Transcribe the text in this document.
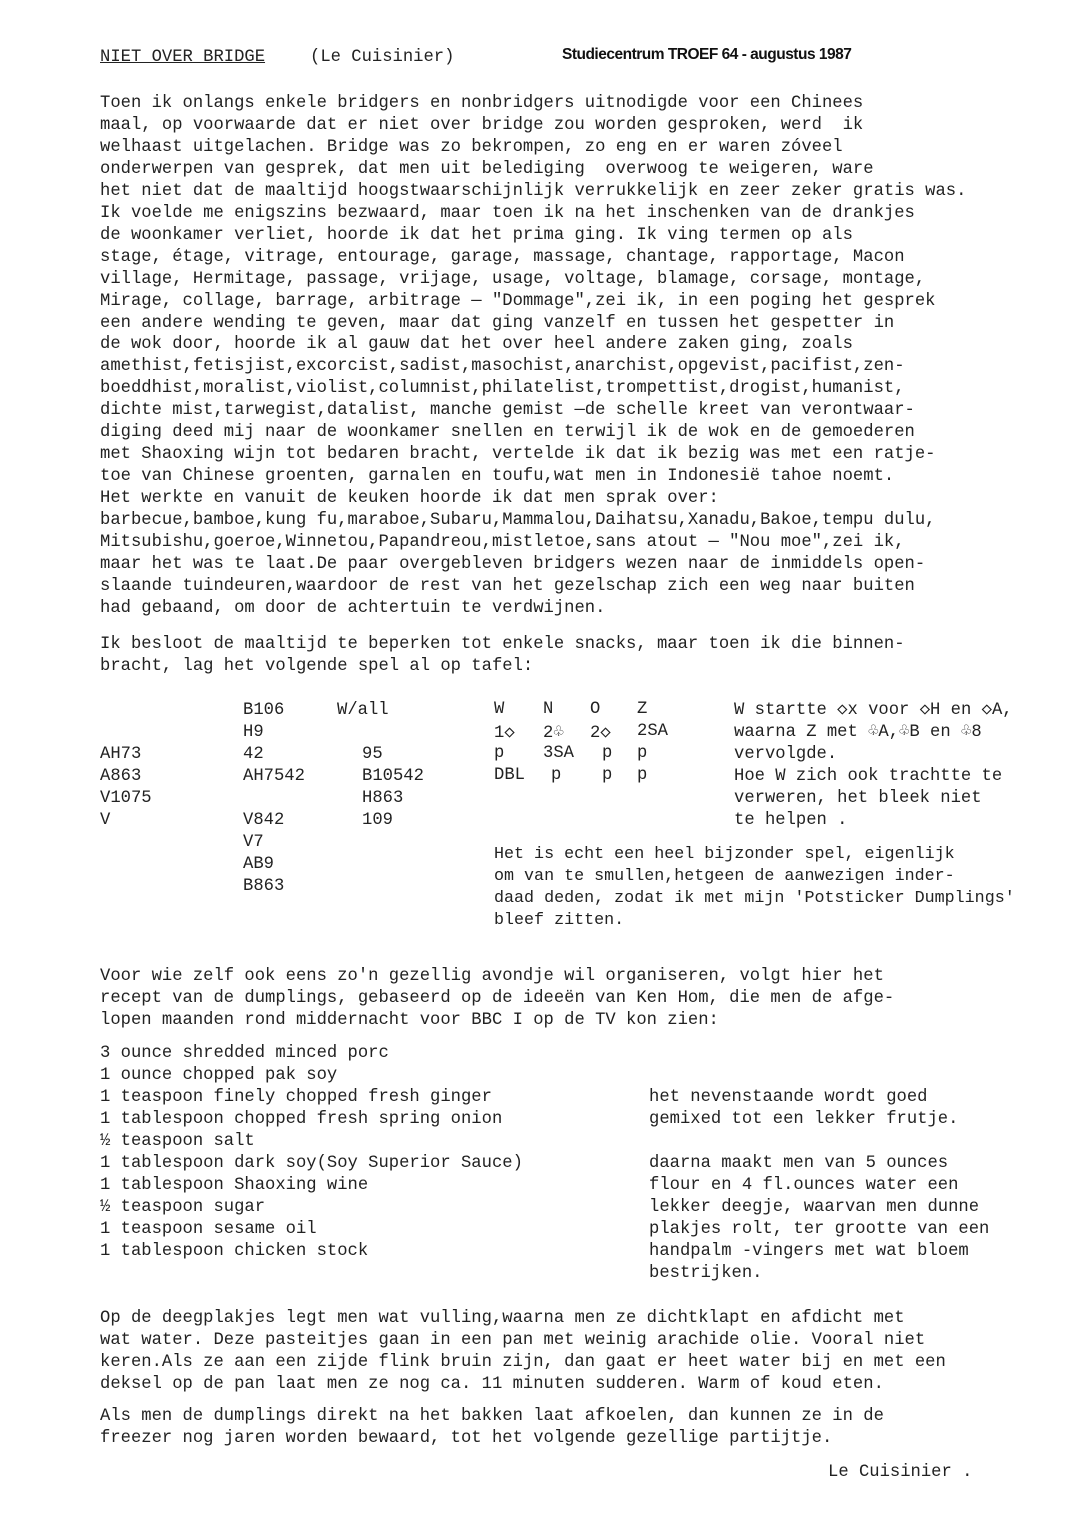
NIET OVER BRIDGE	(Le Cuisinier)	Studiecentrum TROEF 64 - augustus 1987
Toen ik onlangs enkele bridgers en nonbridgers uitnodigde voor een Chinees
maal, op voorwaarde dat er niet over bridge zou worden gesproken, werd  ik
welhaast uitgelachen. Bridge was zo bekrompen, zo eng en er waren zóveel
onderwerpen van gesprek, dat men uit belediging  overwoog te weigeren, ware
het niet dat de maaltijd hoogstwaarschijnlijk verrukkelijk en zeer zeker gratis was.
Ik voelde me enigszins bezwaard, maar toen ik na het inschenken van de drankjes
de woonkamer verliet, hoorde ik dat het prima ging. Ik ving termen op als
stage, étage, vitrage, entourage, garage, massage, chantage, rapportage, Macon
village, Hermitage, passage, vrijage, usage, voltage, blamage, corsage, montage,
Mirage, collage, barrage, arbitrage — "Dommage",zei ik, in een poging het gesprek
een andere wending te geven, maar dat ging vanzelf en tussen het gespetter in
de wok door, hoorde ik al gauw dat het over heel andere zaken ging, zoals
amethist,fetisjist,excorcist,sadist,masochist,anarchist,opgevist,pacifist,zen-
boeddhist,moralist,violist,columnist,philatelist,trompettist,drogist,humanist,
dichte mist,tarwegist,datalist, manche gemist —de schelle kreet van verontwaar-
diging deed mij naar de woonkamer snellen en terwijl ik de wok en de gemoederen
met Shaoxing wijn tot bedaren bracht, vertelde ik dat ik bezig was met een ratje-
toe van Chinese groenten, garnalen en toufu,wat men in Indonesië tahoe noemt.
Het werkte en vanuit de keuken hoorde ik dat men sprak over:
barbecue,bamboe,kung fu,maraboe,Subaru,Mammalou,Daihatsu,Xanadu,Bakoe,tempu dulu,
Mitsubishu,goeroe,Winnetou,Papandreou,mistletoe,sans atout — "Nou moe",zei ik,
maar het was te laat.De paar overgebleven bridgers wezen naar de inmiddels open-
slaande tuindeuren,waardoor de rest van het gezelschap zich een weg naar buiten
had gebaand, om door de achtertuin te verdwijnen.
Ik besloot de maaltijd te beperken tot enkele snacks, maar toen ik die binnen-
bracht, lag het volgende spel al op tafel:
AH73
A863
V1075
V
B106
H9
42
AH7542
V842
V7
AB9
B863
W/all
95
B10542
H863
109
W N O Z
1◇ 2♧ 2◇ 2SA
p 3SA p p
DBL p p p
W startte ◇x voor ◇H en ◇A,
waarna Z met ♧A,♧B en ♧8
vervolgde.
Hoe W zich ook trachtte te
verweren, het bleek niet
te helpen .
Het is echt een heel bijzonder spel, eigenlijk
om van te smullen,hetgeen de aanwezigen inder-
daad deden, zodat ik met mijn 'Potsticker Dumplings'
bleef zitten.
Voor wie zelf ook eens zo'n gezellig avondje wil organiseren, volgt hier het
recept van de dumplings, gebaseerd op de ideeën van Ken Hom, die men de afge-
lopen maanden rond middernacht voor BBC I op de TV kon zien:
3 ounce shredded minced porc
1 ounce chopped pak soy
1 teaspoon finely chopped fresh ginger
1 tablespoon chopped fresh spring onion
½ teaspoon salt
1 tablespoon dark soy(Soy Superior Sauce)
1 tablespoon Shaoxing wine
½ teaspoon sugar
1 teaspoon sesame oil
1 tablespoon chicken stock
het nevenstaande wordt goed
gemixed tot een lekker frutje.
daarna maakt men van 5 ounces
flour en 4 fl.ounces water een
lekker deegje, waarvan men dunne
plakjes rolt, ter grootte van een
handpalm -vingers met wat bloem
bestrijken.
Op de deegplakjes legt men wat vulling,waarna men ze dichtklapt en afdicht met
wat water. Deze pasteitjes gaan in een pan met weinig arachide olie. Vooral niet
keren.Als ze aan een zijde flink bruin zijn, dan gaat er heet water bij en met een
deksel op de pan laat men ze nog ca. 11 minuten sudderen. Warm of koud eten.
Als men de dumplings direkt na het bakken laat afkoelen, dan kunnen ze in de
freezer nog jaren worden bewaard, tot het volgende gezellige partijtje.
Le Cuisinier .
